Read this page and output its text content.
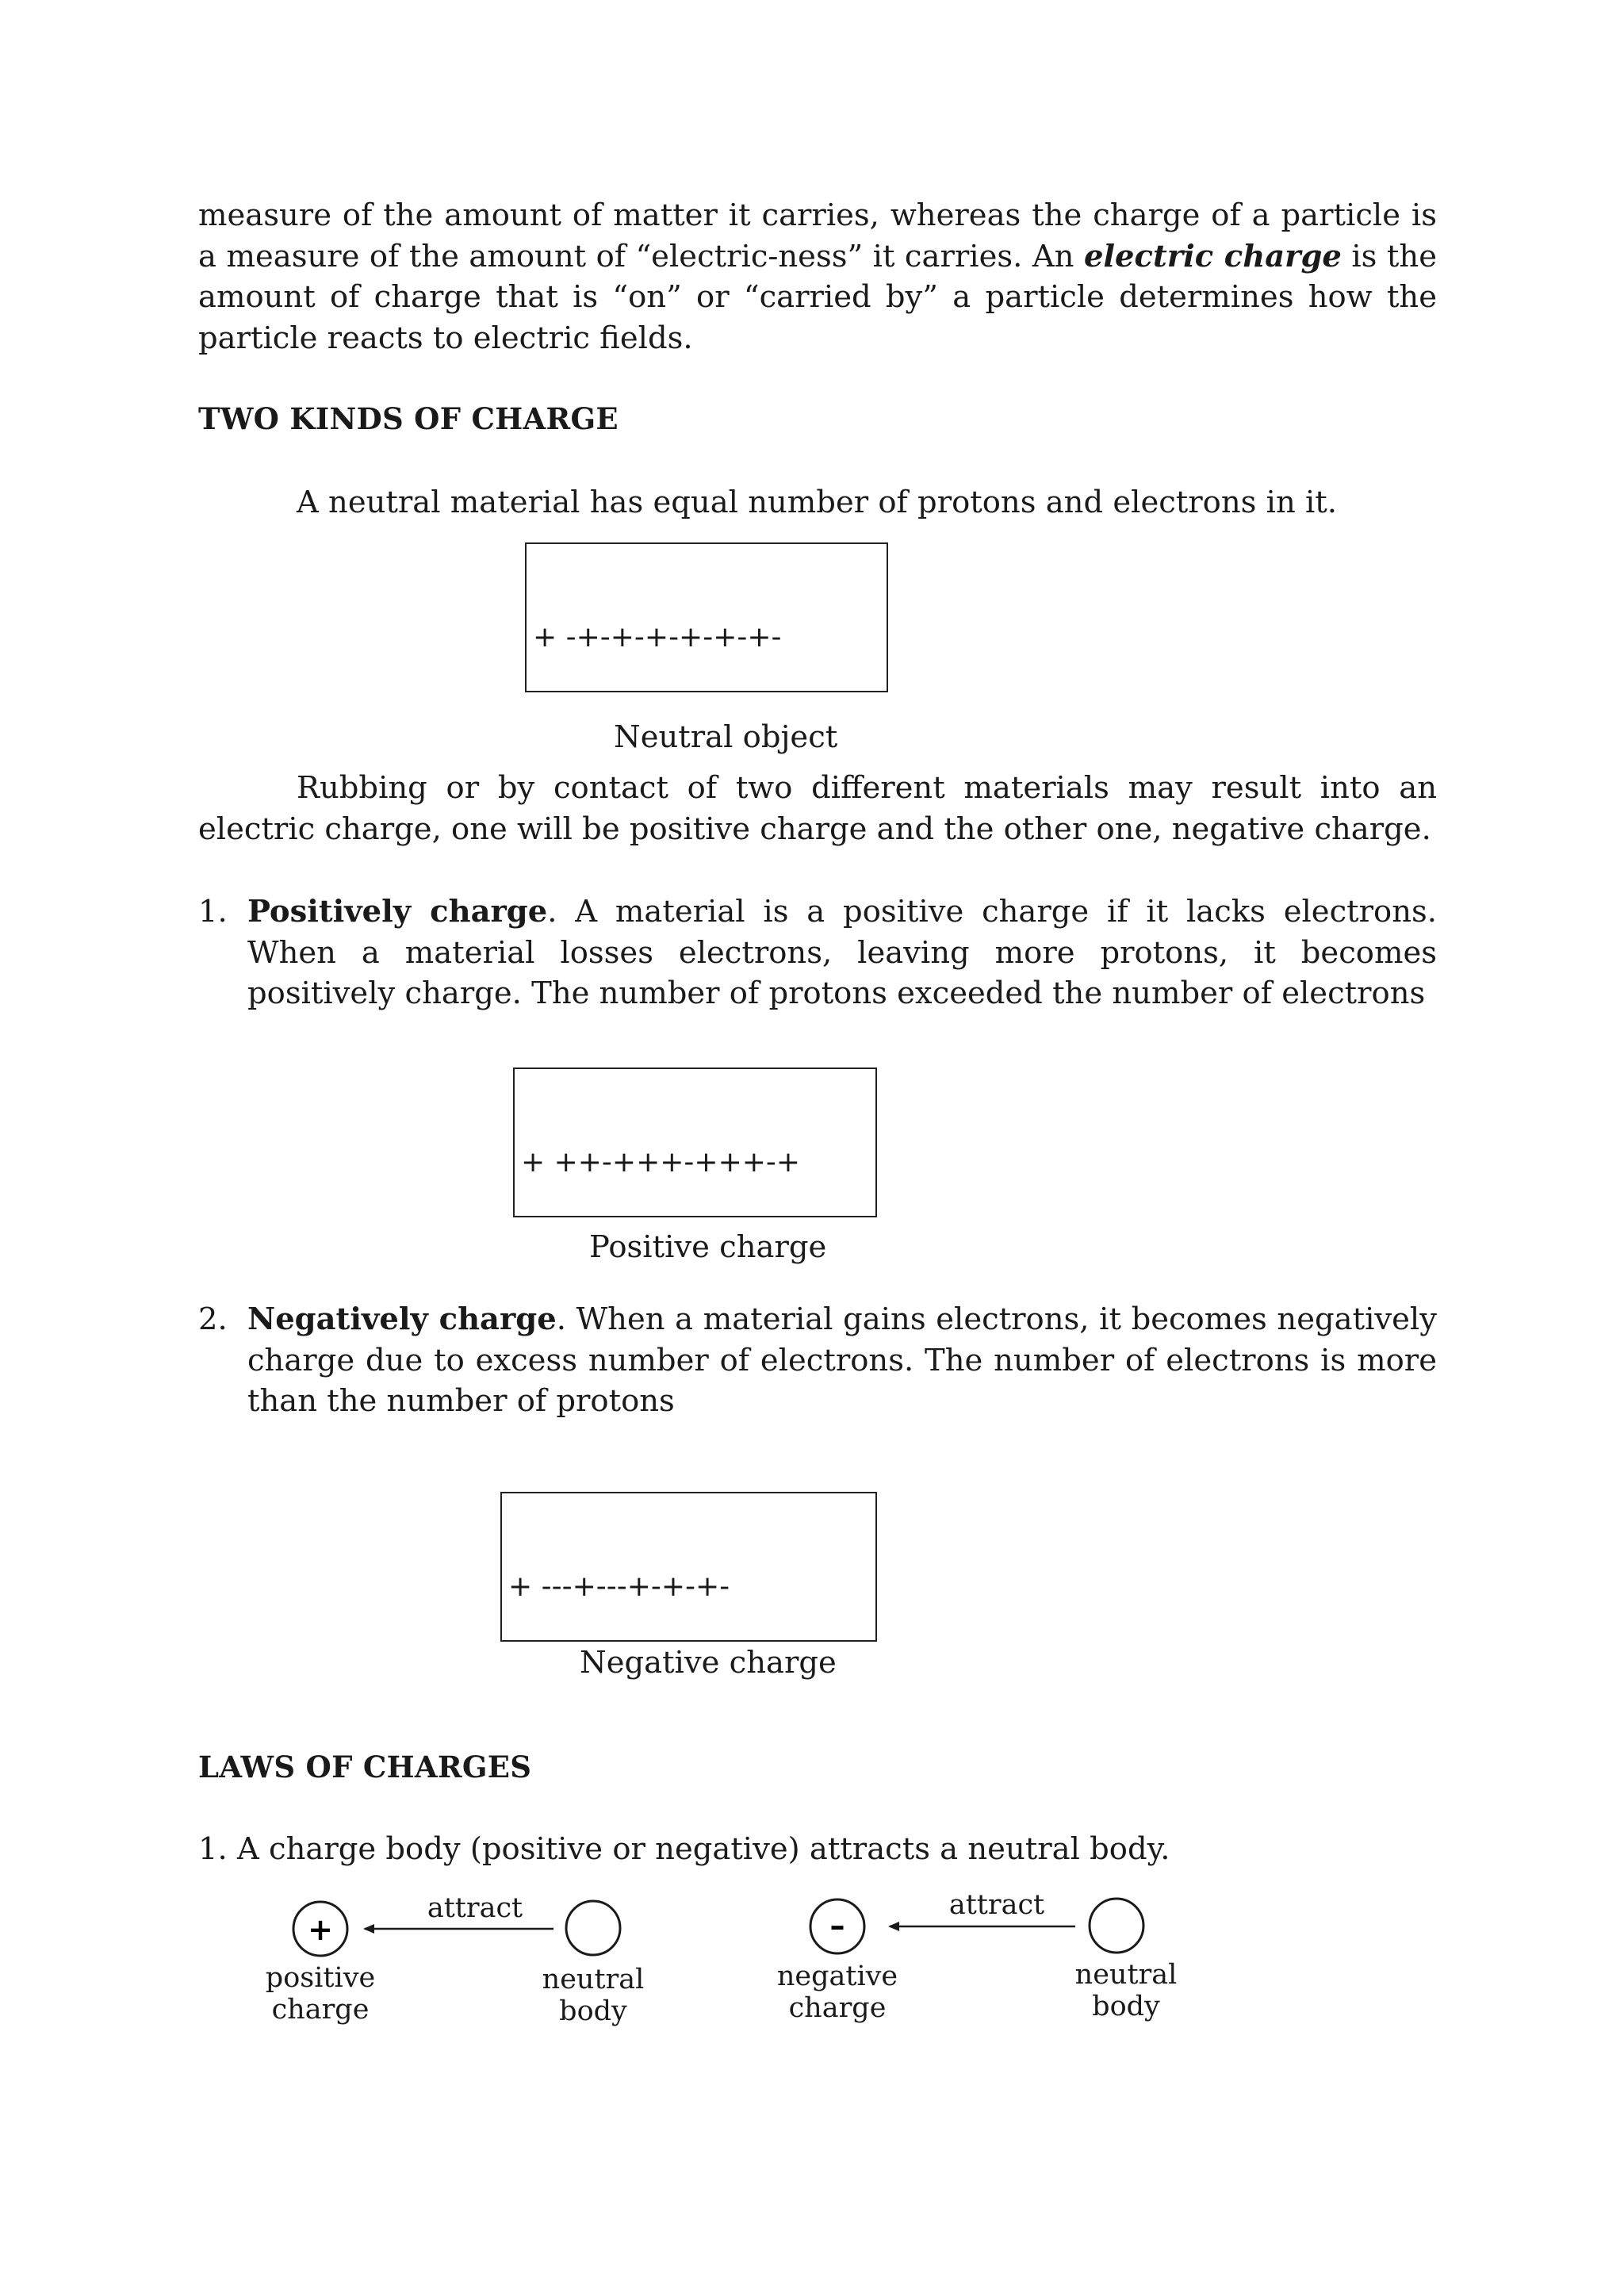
measure of the amount of matter it carries, whereas the charge of a particle is a measure of the amount of “electric-ness” it carries. An electric charge is the amount of charge that is “on” or “carried by” a particle determines how the particle reacts to electric fields.

TWO KINDS OF CHARGE

A neutral material has equal number of protons and electrons in it.

+ -+-+-+-+-+-+-

Neutral object

Rubbing or by contact of two different materials may result into an electric charge, one will be positive charge and the other one, negative charge.

1. Positively charge. A material is a positive charge if it lacks electrons. When a material losses electrons, leaving more protons, it becomes positively charge. The number of protons exceeded the number of electrons

+ ++-+++-+++-+

Positive charge

2. Negatively charge. When a material gains electrons, it becomes negatively charge due to excess number of electrons. The number of electrons is more than the number of protons

+ ---+---+-+-+-

Negative charge

LAWS OF CHARGES

1. A charge body (positive or negative) attracts a neutral body.

+	–
attract	attract
positive
charge
neutral
body
negative
charge
neutral
body
